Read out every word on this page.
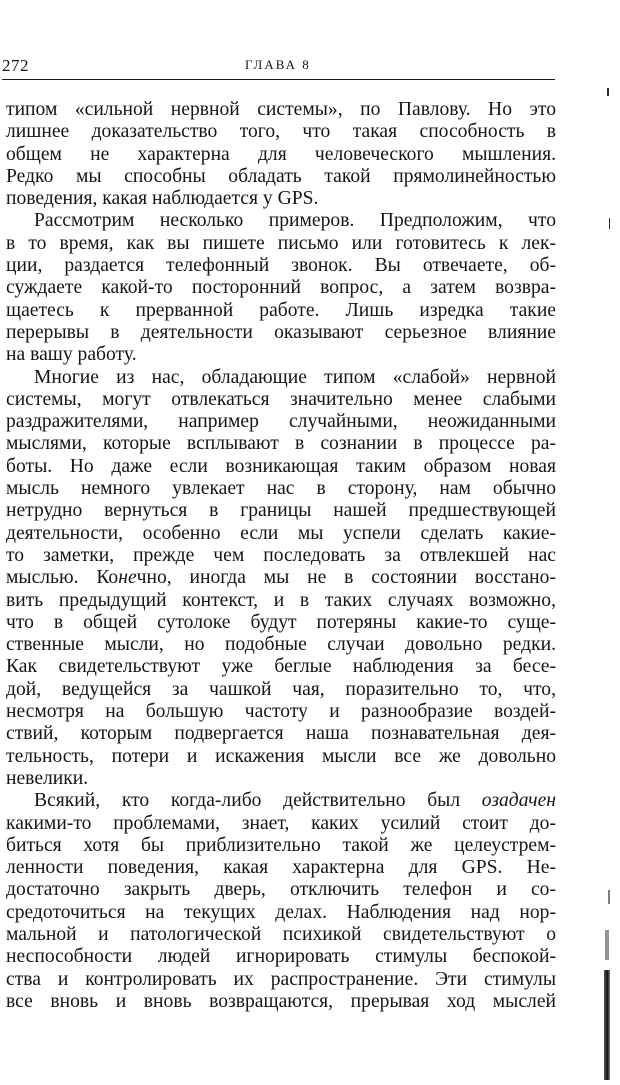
272	ГЛАВА 8
типом «сильной нервной системы», по Павлову. Но это
лишнее доказательство того, что такая способность в
общем не характерна для человеческого мышления.
Редко мы способны обладать такой прямолинейностью
поведения, какая наблюдается у GPS.
Рассмотрим несколько примеров. Предположим, что
в то время, как вы пишете письмо или готовитесь к лек-
ции, раздается телефонный звонок. Вы отвечаете, об-
суждаете какой-то посторонний вопрос, а затем возвра-
щаетесь к прерванной работе. Лишь изредка такие
перерывы в деятельности оказывают серьезное влияние
на вашу работу.
Многие из нас, обладающие типом «слабой» нервной
системы, могут отвлекаться значительно менее слабыми
раздражителями, например случайными, неожиданными
мыслями, которые всплывают в сознании в процессе ра-
боты. Но даже если возникающая таким образом новая
мысль немного увлекает нас в сторону, нам обычно
нетрудно вернуться в границы нашей предшествующей
деятельности, особенно если мы успели сделать какие-
то заметки, прежде чем последовать за отвлекшей нас
мыслью. Конечно, иногда мы не в состоянии восстано-
вить предыдущий контекст, и в таких случаях возможно,
что в общей сутолоке будут потеряны какие-то суще-
ственные мысли, но подобные случаи довольно редки.
Как свидетельствуют уже беглые наблюдения за бесе-
дой, ведущейся за чашкой чая, поразительно то, что,
несмотря на большую частоту и разнообразие воздей-
ствий, которым подвергается наша познавательная дея-
тельность, потери и искажения мысли все же довольно
невелики.
Всякий, кто когда-либо действительно был озадачен
какими-то проблемами, знает, каких усилий стоит до-
биться хотя бы приблизительно такой же целеустрем-
ленности поведения, какая характерна для GPS. Не-
достаточно закрыть дверь, отключить телефон и со-
средоточиться на текущих делах. Наблюдения над нор-
мальной и патологической психикой свидетельствуют о
неспособности людей игнорировать стимулы беспокой-
ства и контролировать их распространение. Эти стимулы
все вновь и вновь возвращаются, прерывая ход мыслей
